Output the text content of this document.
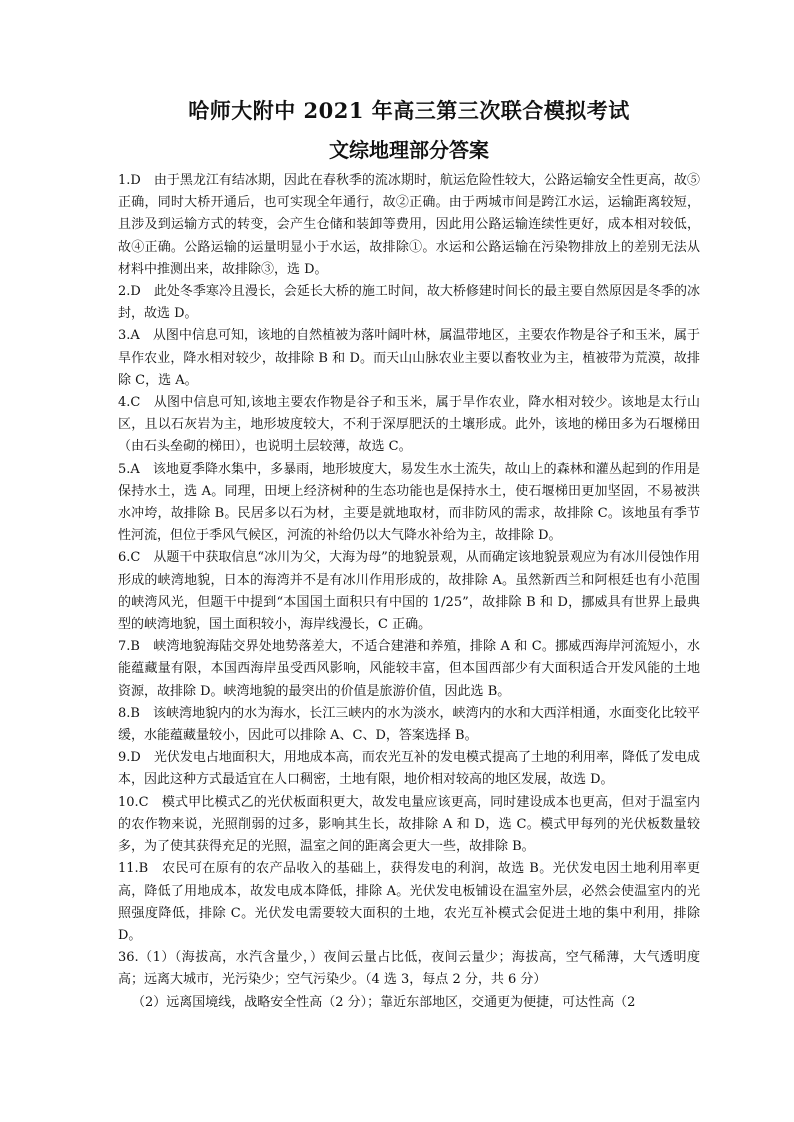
哈师大附中 2021 年高三第三次联合模拟考试
文综地理部分答案

1.D　由于黑龙江有结冰期，因此在春秋季的流冰期时，航运危险性较大，公路运输安全性更高，故⑤正确，同时大桥开通后，也可实现全年通行，故②正确。由于两城市间是跨江水运，运输距离较短，且涉及到运输方式的转变，会产生仓储和装卸等费用，因此用公路运输连续性更好，成本相对较低，故④正确。公路运输的运量明显小于水运，故排除①。水运和公路运输在污染物排放上的差别无法从材料中推测出来，故排除③，选 D。

2.D　此处冬季寒冷且漫长，会延长大桥的施工时间，故大桥修建时间长的最主要自然原因是冬季的冰封，故选 D。

3.A　从图中信息可知，该地的自然植被为落叶阔叶林，属温带地区，主要农作物是谷子和玉米，属于旱作农业，降水相对较少，故排除 B 和 D。而天山山脉农业主要以畜牧业为主，植被带为荒漠，故排除 C，选 A。

4.C　从图中信息可知,该地主要农作物是谷子和玉米，属于旱作农业，降水相对较少。该地是太行山区，且以石灰岩为主，地形坡度较大，不利于深厚肥沃的土壤形成。此外，该地的梯田多为石堰梯田（由石头垒砌的梯田），也说明土层较薄，故选 C。

5.A　该地夏季降水集中，多暴雨，地形坡度大，易发生水土流失，故山上的森林和灌丛起到的作用是保持水土，选 A。同理，田埂上经济树种的生态功能也是保持水土，使石堰梯田更加坚固，不易被洪水冲垮，故排除 B。民居多以石为材，主要是就地取材，而非防风的需求，故排除 C。该地虽有季节性河流，但位于季风气候区，河流的补给仍以大气降水补给为主，故排除 D。

6.C　从题干中获取信息“冰川为父，大海为母”的地貌景观，从而确定该地貌景观应为有冰川侵蚀作用形成的峡湾地貌，日本的海湾并不是有冰川作用形成的，故排除 A。虽然新西兰和阿根廷也有小范围的峡湾风光，但题干中提到“本国国土面积只有中国的 1/25”，故排除 B 和 D，挪威具有世界上最典型的峡湾地貌，国土面积较小，海岸线漫长，C 正确。

7.B　峡湾地貌海陆交界处地势落差大，不适合建港和养殖，排除 A 和 C。挪威西海岸河流短小，水能蕴藏量有限，本国西海岸虽受西风影响，风能较丰富，但本国西部少有大面积适合开发风能的土地资源，故排除 D。峡湾地貌的最突出的价值是旅游价值，因此选 B。

8.B　该峡湾地貌内的水为海水，长江三峡内的水为淡水，峡湾内的水和大西洋相通，水面变化比较平缓，水能蕴藏量较小，因此可以排除 A、C、D，答案选择 B。

9.D　光伏发电占地面积大，用地成本高，而农光互补的发电模式提高了土地的利用率，降低了发电成本，因此这种方式最适宜在人口稠密，土地有限，地价相对较高的地区发展，故选 D。

10.C　模式甲比模式乙的光伏板面积更大，故发电量应该更高，同时建设成本也更高，但对于温室内的农作物来说，光照削弱的过多，影响其生长，故排除 A 和 D，选 C。模式甲每列的光伏板数量较多，为了使其获得充足的光照，温室之间的距离会更大一些，故排除 B。

11.B　农民可在原有的农产品收入的基础上，获得发电的利润，故选 B。光伏发电因土地利用率更高，降低了用地成本，故发电成本降低，排除 A。光伏发电板铺设在温室外层，必然会使温室内的光照强度降低，排除 C。光伏发电需要较大面积的土地，农光互补模式会促进土地的集中利用，排除 D。

36.（1）（海拔高，水汽含量少，）夜间云量占比低，夜间云量少；海拔高，空气稀薄，大气透明度高；远离大城市，光污染少；空气污染少。（4 选 3，每点 2 分，共 6 分）

（2）远离国境线，战略安全性高（2 分）；靠近东部地区，交通更为便捷，可达性高（2
